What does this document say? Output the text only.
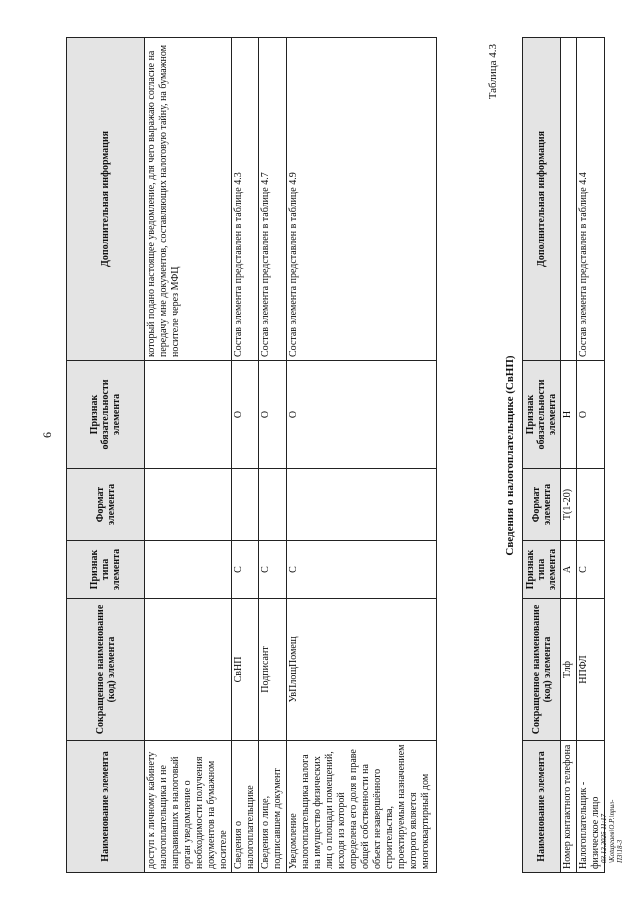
6
Наименование элемента	Сокращенное наименование (код) элемента	Признак типа элемента	Формат элемента	Признак обязательности элемента	Дополнительная информация
доступ к личному кабинету налогоплательщика и не направивших в налоговый орган уведомление о необходимости получения документов на бумажном носителе					который подано настоящее уведомление, для чего выражаю согласие на передачу мне документов, составляющих налоговую тайну, на бумажном носителе через МФЦ
Сведения о налогоплательщике	СвНП	С		О	Состав элемента представлен в таблице 4.3
Сведения о лице, подписавшем документ	Подписант	С		О	Состав элемента представлен в таблице 4.7
Уведомление налогоплательщика налога на имущество физических лиц о площади помещений, исходя из которой определена его доля в праве общей собственности на объект незавершённого строительства, проектируемым назначением которого является многоквартирный дом	УвПлощПомещ	С		О	Состав элемента представлен в таблице 4.9
Таблица 4.3
Сведения о налогоплательщике (СвНП)
Наименование элемента	Сокращенное наименование (код) элемента	Признак типа элемента	Формат элемента	Признак обязательности элемента	Дополнительная информация
Номер контактного телефона	Тлф	А	T(1-20)	Н	
Налогоплательщик - физическое лицо	НПФЛ	С		О	Состав элемента представлен в таблице 4.4
03.12.2025 11:17 \Kotuргаев\О.Р.\прил-ПЗ\18-3
